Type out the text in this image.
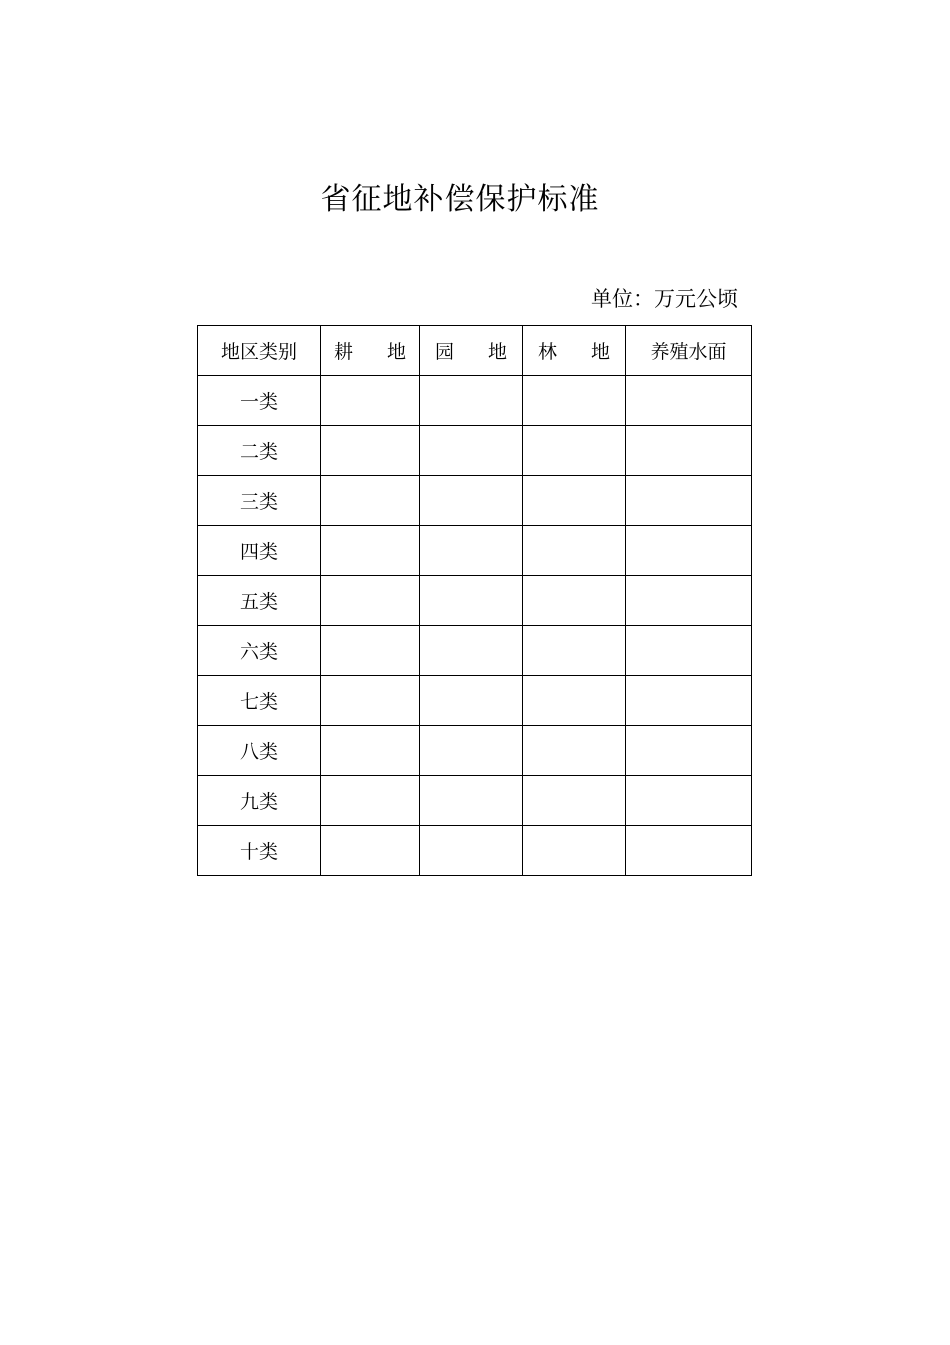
省征地补偿保护标准
单位：万元公顷
地区类别	耕 地	园 地	林 地	养殖水面
一类				
二类				
三类				
四类				
五类				
六类				
七类				
八类				
九类				
十类				
